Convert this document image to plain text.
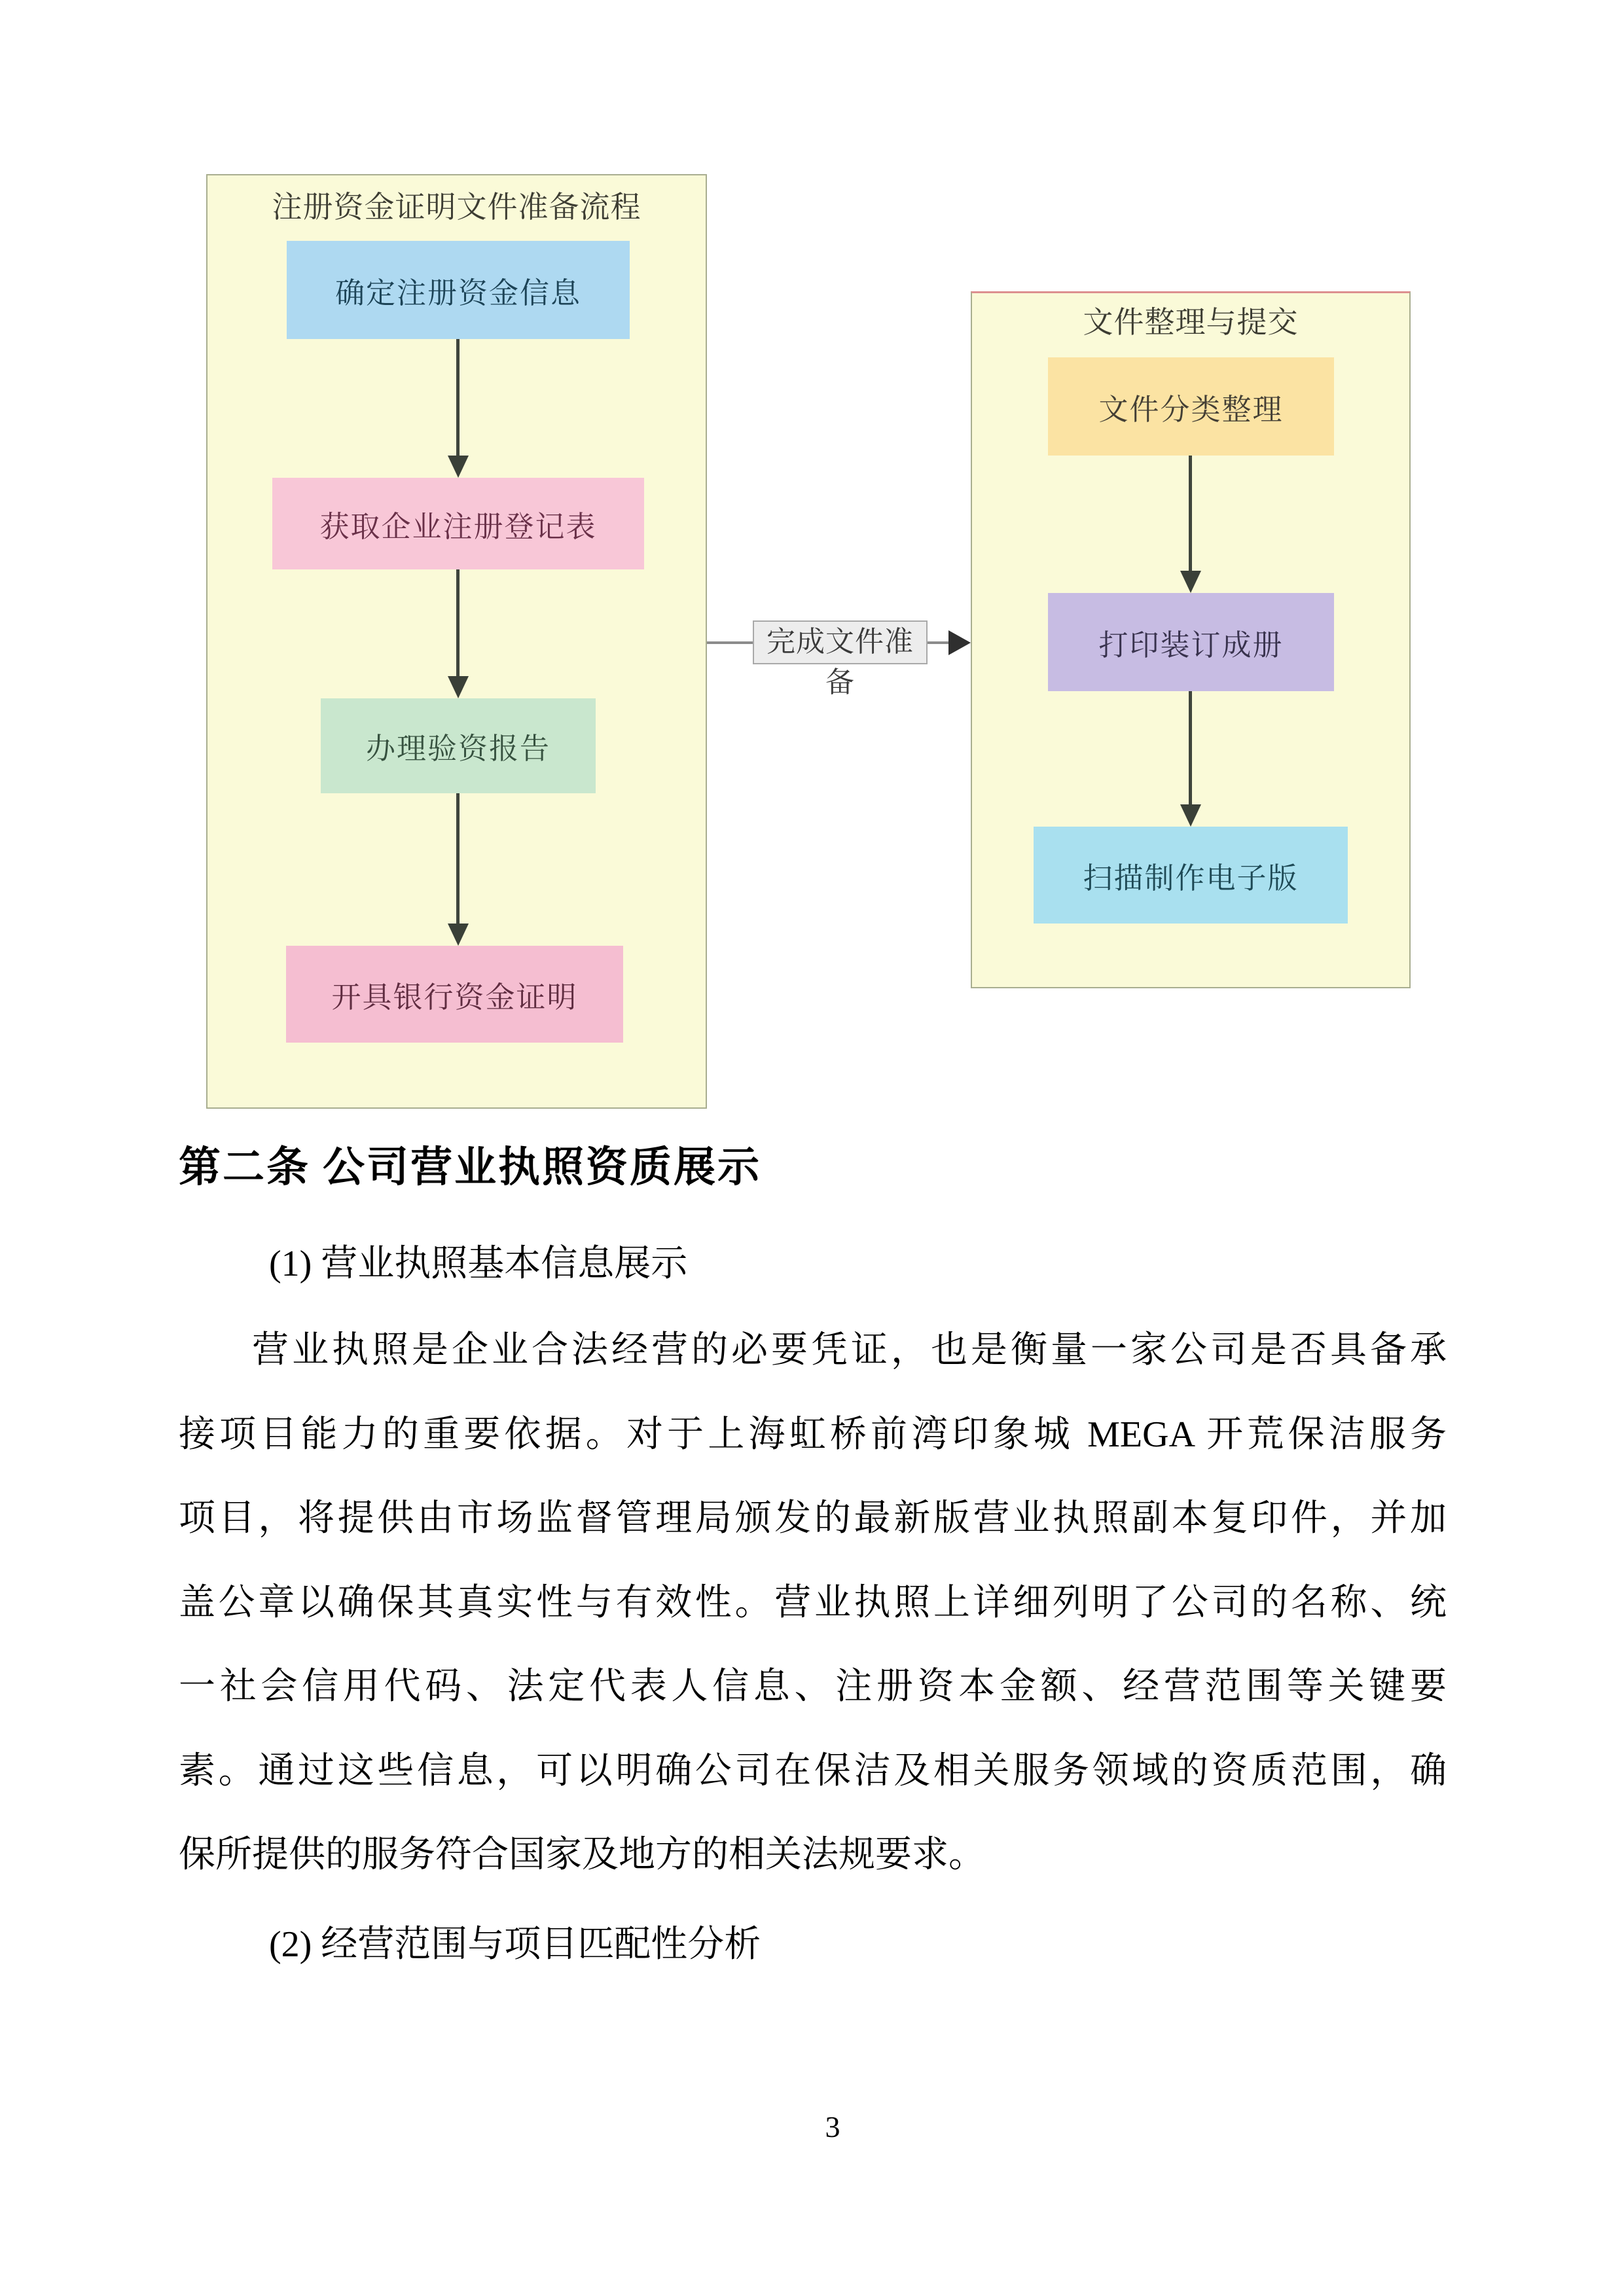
注册资金证明文件准备流程
确定注册资金信息
获取企业注册登记表
办理验资报告
开具银行资金证明
完成文件准备
文件整理与提交
文件分类整理
打印装订成册
扫描制作电子版
第二条 公司营业执照资质展示
(1) 营业执照基本信息展示
营业执照是企业合法经营的必要凭证，也是衡量一家公司是否具备承
接项目能力的重要依据。对于上海虹桥前湾印象城 MEGA 开荒保洁服务
项目，将提供由市场监督管理局颁发的最新版营业执照副本复印件，并加
盖公章以确保其真实性与有效性。营业执照上详细列明了公司的名称、统
一社会信用代码、法定代表人信息、注册资本金额、经营范围等关键要
素。通过这些信息，可以明确公司在保洁及相关服务领域的资质范围，确
保所提供的服务符合国家及地方的相关法规要求。
(2) 经营范围与项目匹配性分析
3
